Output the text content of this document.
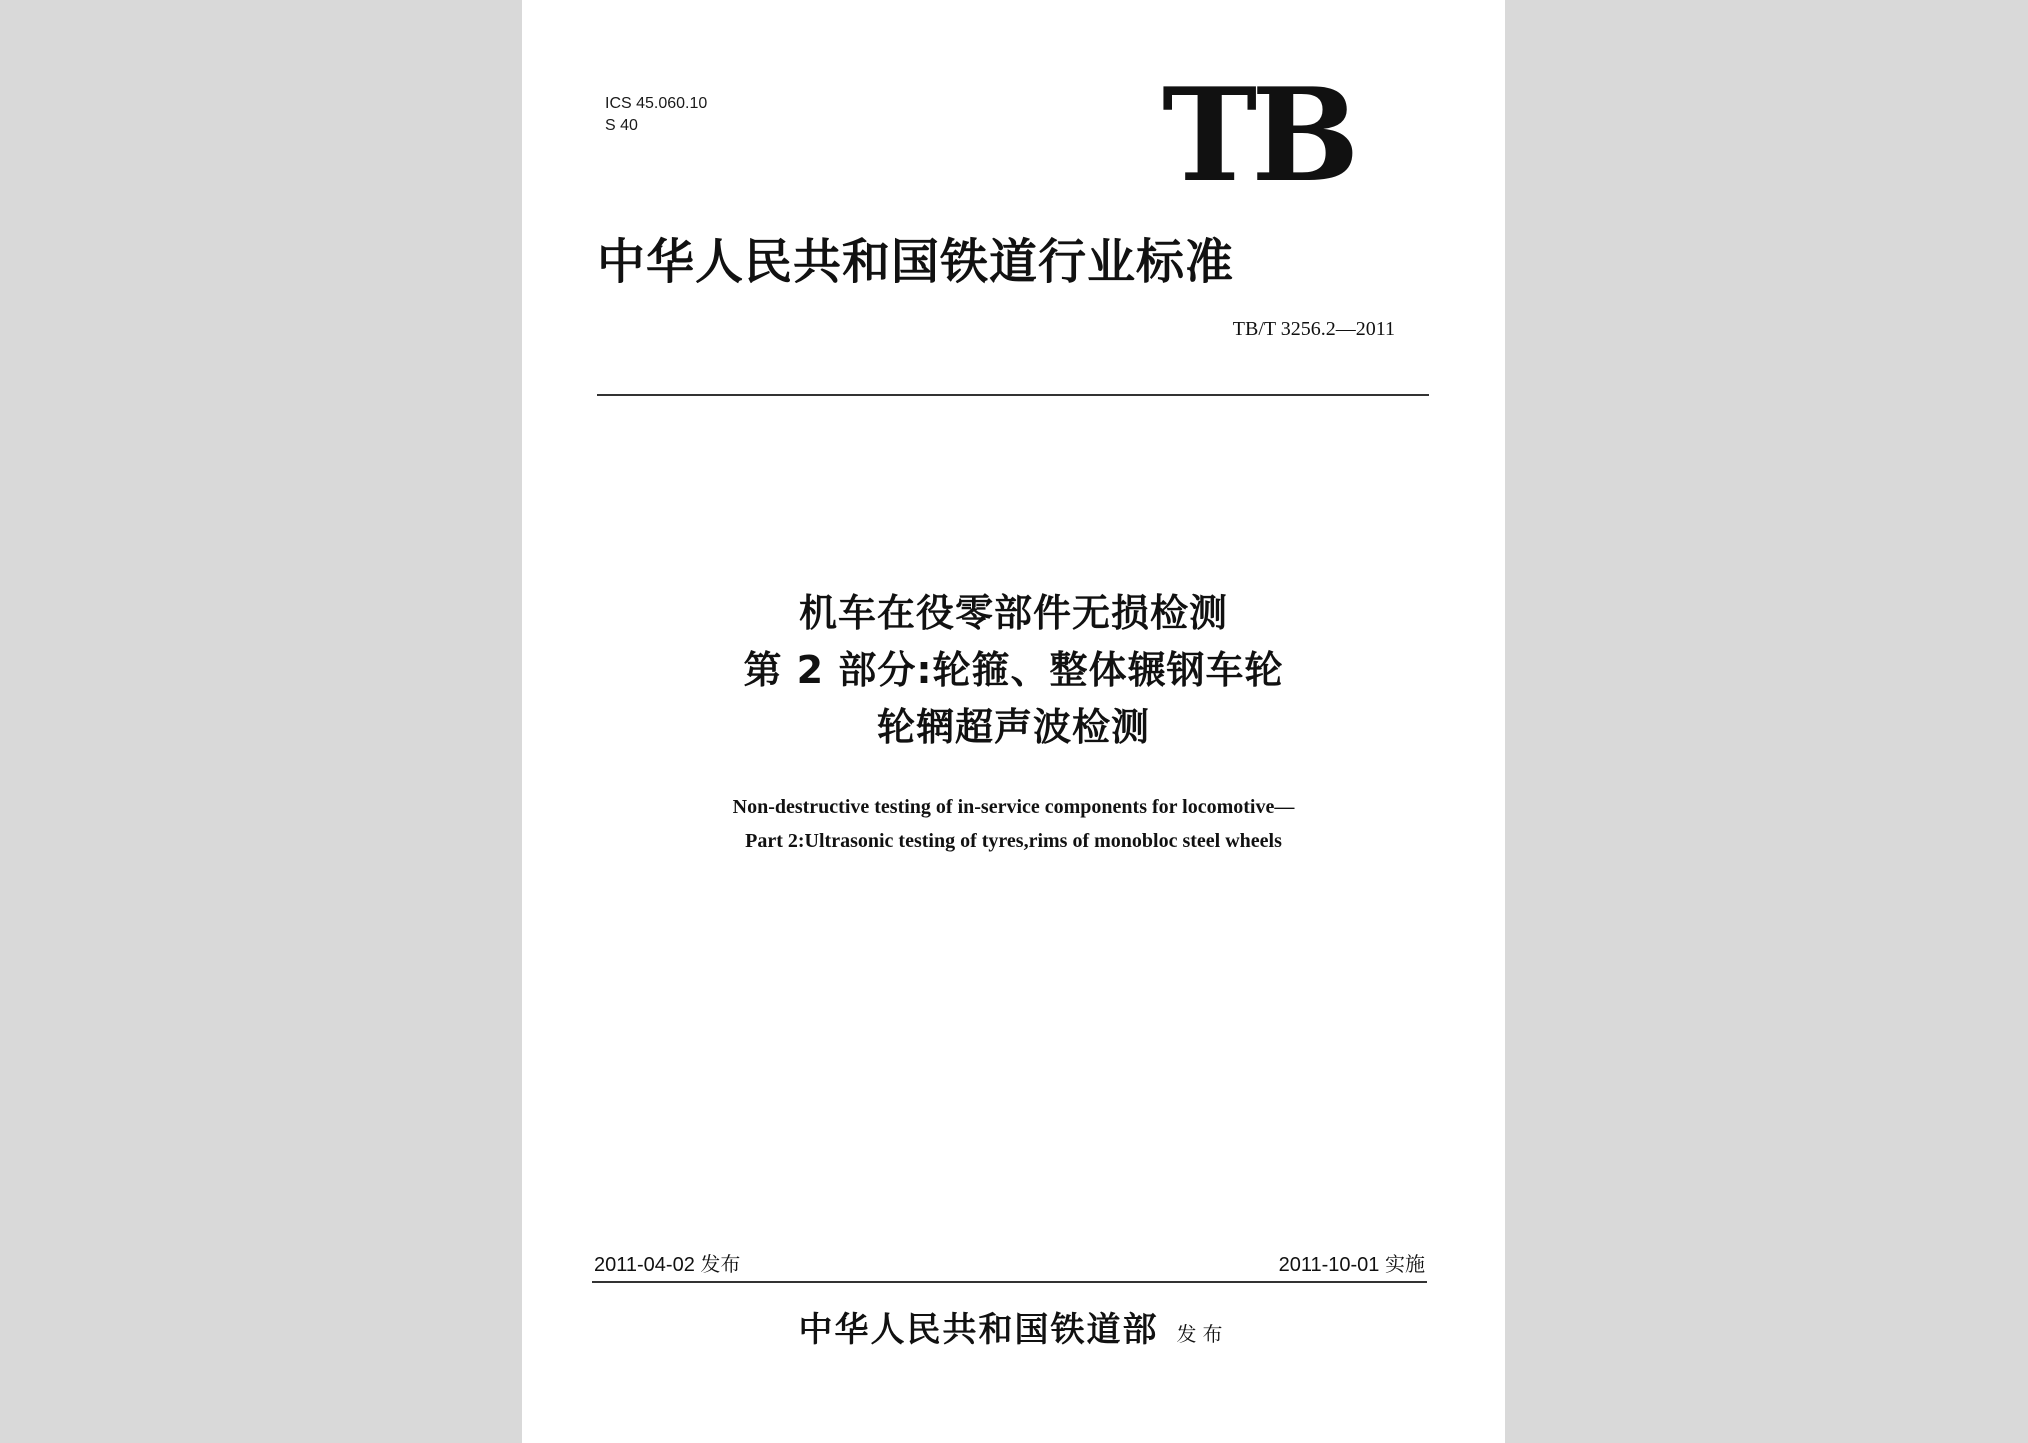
ICS 45.060.10
S 40	TB
中华人民共和国铁道行业标准
TB/T 3256.2—2011
机车在役零部件无损检测
第 2 部分:轮箍、整体辗钢车轮
轮辋超声波检测
Non-destructive testing of in-service components for locomotive—
Part 2:Ultrasonic testing of tyres,rims of monobloc steel wheels
2011-04-02 发布	2011-10-01 实施
中华人民共和国铁道部 发布
